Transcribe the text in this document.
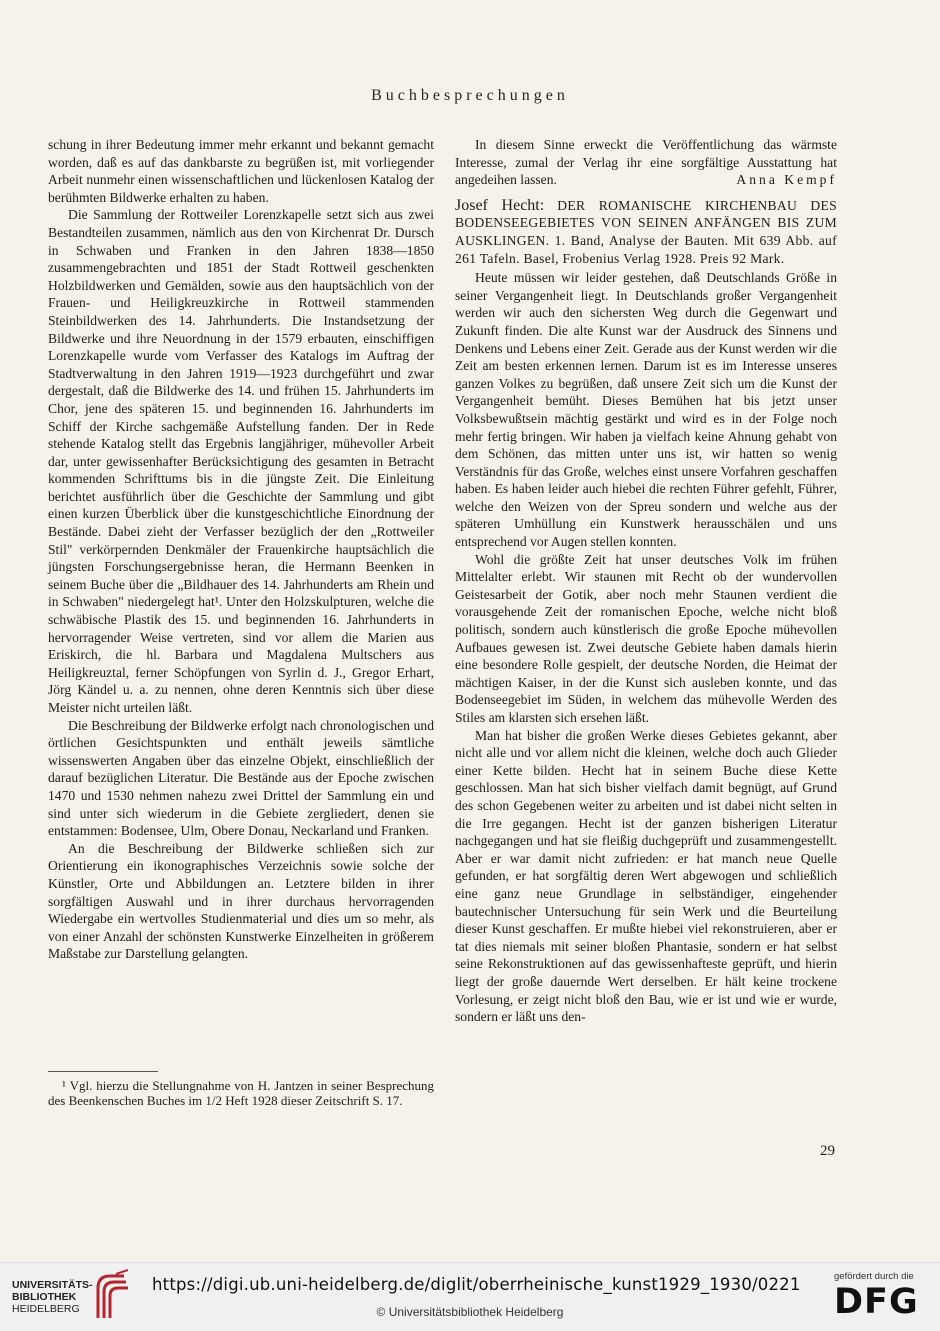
Buchbesprechungen

schung in ihrer Bedeutung immer mehr erkannt und bekannt gemacht worden, daß es auf das dankbarste zu begrüßen ist, mit vorliegender Arbeit nunmehr einen wissenschaftlichen und lückenlosen Katalog der berühmten Bildwerke erhalten zu haben.

Die Sammlung der Rottweiler Lorenzkapelle setzt sich aus zwei Bestandteilen zusammen, nämlich aus den von Kirchenrat Dr. Dursch in Schwaben und Franken in den Jahren 1838—1850 zusammengebrachten und 1851 der Stadt Rottweil geschenkten Holzbildwerken und Gemälden, sowie aus den hauptsächlich von der Frauen- und Heiligkreuzkirche in Rottweil stammenden Steinbildwerken des 14. Jahrhunderts. Die Instandsetzung der Bildwerke und ihre Neuordnung in der 1579 erbauten, einschiffigen Lorenzkapelle wurde vom Verfasser des Katalogs im Auftrag der Stadtverwaltung in den Jahren 1919—1923 durchgeführt und zwar dergestalt, daß die Bildwerke des 14. und frühen 15. Jahrhunderts im Chor, jene des späteren 15. und beginnenden 16. Jahrhunderts im Schiff der Kirche sachgemäße Aufstellung fanden. Der in Rede stehende Katalog stellt das Ergebnis langjähriger, mühevoller Arbeit dar, unter gewissenhafter Berücksichtigung des gesamten in Betracht kommenden Schrifttums bis in die jüngste Zeit. Die Einleitung berichtet ausführlich über die Geschichte der Sammlung und gibt einen kurzen Überblick über die kunstgeschichtliche Einordnung der Bestände. Dabei zieht der Verfasser bezüglich der den „Rottweiler Stil" verkörpernden Denkmäler der Frauenkirche hauptsächlich die jüngsten Forschungsergebnisse heran, die Hermann Beenken in seinem Buche über die „Bildhauer des 14. Jahrhunderts am Rhein und in Schwaben" niedergelegt hat¹. Unter den Holzskulpturen, welche die schwäbische Plastik des 15. und beginnenden 16. Jahrhunderts in hervorragender Weise vertreten, sind vor allem die Marien aus Eriskirch, die hl. Barbara und Magdalena Multschers aus Heiligkreuztal, ferner Schöpfungen von Syrlin d. J., Gregor Erhart, Jörg Kändel u. a. zu nennen, ohne deren Kenntnis sich über diese Meister nicht urteilen läßt.

Die Beschreibung der Bildwerke erfolgt nach chronologischen und örtlichen Gesichtspunkten und enthält jeweils sämtliche wissenswerten Angaben über das einzelne Objekt, einschließlich der darauf bezüglichen Literatur. Die Bestände aus der Epoche zwischen 1470 und 1530 nehmen nahezu zwei Drittel der Sammlung ein und sind unter sich wiederum in die Gebiete zergliedert, denen sie entstammen: Bodensee, Ulm, Obere Donau, Neckarland und Franken.

An die Beschreibung der Bildwerke schließen sich zur Orientierung ein ikonographisches Verzeichnis sowie solche der Künstler, Orte und Abbildungen an. Letztere bilden in ihrer sorgfältigen Auswahl und in ihrer durchaus hervorragenden Wiedergabe ein wertvolles Studienmaterial und dies um so mehr, als von einer Anzahl der schönsten Kunstwerke Einzelheiten in größerem Maßstabe zur Darstellung gelangten.

¹ Vgl. hierzu die Stellungnahme von H. Jantzen in seiner Besprechung des Beenkenschen Buches im 1/2 Heft 1928 dieser Zeitschrift S. 17.

In diesem Sinne erweckt die Veröffentlichung das wärmste Interesse, zumal der Verlag ihr eine sorgfältige Ausstattung hat angedeihen lassen.	Anna Kempf

Josef Hecht: DER ROMANISCHE KIRCHENBAU DES BODENSEEGEBIETES VON SEINEN ANFÄNGEN BIS ZUM AUSKLINGEN. 1. Band, Analyse der Bauten. Mit 639 Abb. auf 261 Tafeln. Basel, Frobenius Verlag 1928. Preis 92 Mark.

Heute müssen wir leider gestehen, daß Deutschlands Größe in seiner Vergangenheit liegt. In Deutschlands großer Vergangenheit werden wir auch den sichersten Weg durch die Gegenwart und Zukunft finden. Die alte Kunst war der Ausdruck des Sinnens und Denkens und Lebens einer Zeit. Gerade aus der Kunst werden wir die Zeit am besten erkennen lernen. Darum ist es im Interesse unseres ganzen Volkes zu begrüßen, daß unsere Zeit sich um die Kunst der Vergangenheit bemüht. Dieses Bemühen hat bis jetzt unser Volksbewußtsein mächtig gestärkt und wird es in der Folge noch mehr fertig bringen. Wir haben ja vielfach keine Ahnung gehabt von dem Schönen, das mitten unter uns ist, wir hatten so wenig Verständnis für das Große, welches einst unsere Vorfahren geschaffen haben. Es haben leider auch hiebei die rechten Führer gefehlt, Führer, welche den Weizen von der Spreu sondern und welche aus der späteren Umhüllung ein Kunstwerk herausschälen und uns entsprechend vor Augen stellen konnten.

Wohl die größte Zeit hat unser deutsches Volk im frühen Mittelalter erlebt. Wir staunen mit Recht ob der wundervollen Geistesarbeit der Gotik, aber noch mehr Staunen verdient die vorausgehende Zeit der romanischen Epoche, welche nicht bloß politisch, sondern auch künstlerisch die große Epoche mühevollen Aufbaues gewesen ist. Zwei deutsche Gebiete haben damals hierin eine besondere Rolle gespielt, der deutsche Norden, die Heimat der mächtigen Kaiser, in der die Kunst sich ausleben konnte, und das Bodenseegebiet im Süden, in welchem das mühevolle Werden des Stiles am klarsten sich ersehen läßt.

Man hat bisher die großen Werke dieses Gebietes gekannt, aber nicht alle und vor allem nicht die kleinen, welche doch auch Glieder einer Kette bilden. Hecht hat in seinem Buche diese Kette geschlossen. Man hat sich bisher vielfach damit begnügt, auf Grund des schon Gegebenen weiter zu arbeiten und ist dabei nicht selten in die Irre gegangen. Hecht ist der ganzen bisherigen Literatur nachgegangen und hat sie fleißig duchgeprüft und zusammengestellt. Aber er war damit nicht zufrieden: er hat manch neue Quelle gefunden, er hat sorgfältig deren Wert abgewogen und schließlich eine ganz neue Grundlage in selbständiger, eingehender bautechnischer Untersuchung für sein Werk und die Beurteilung dieser Kunst geschaffen. Er mußte hiebei viel rekonstruieren, aber er tat dies niemals mit seiner bloßen Phantasie, sondern er hat selbst seine Rekonstruktionen auf das gewissenhafteste geprüft, und hierin liegt der große dauernde Wert derselben. Er hält keine trockene Vorlesung, er zeigt nicht bloß den Bau, wie er ist und wie er wurde, sondern er läßt uns den-

29
UNIVERSITÄTS-
BIBLIOTHEK
HEIDELBERG
https://digi.ub.uni-heidelberg.de/diglit/oberrheinische_kunst1929_1930/0221
© Universitätsbibliothek Heidelberg
gefördert durch die
DFG
